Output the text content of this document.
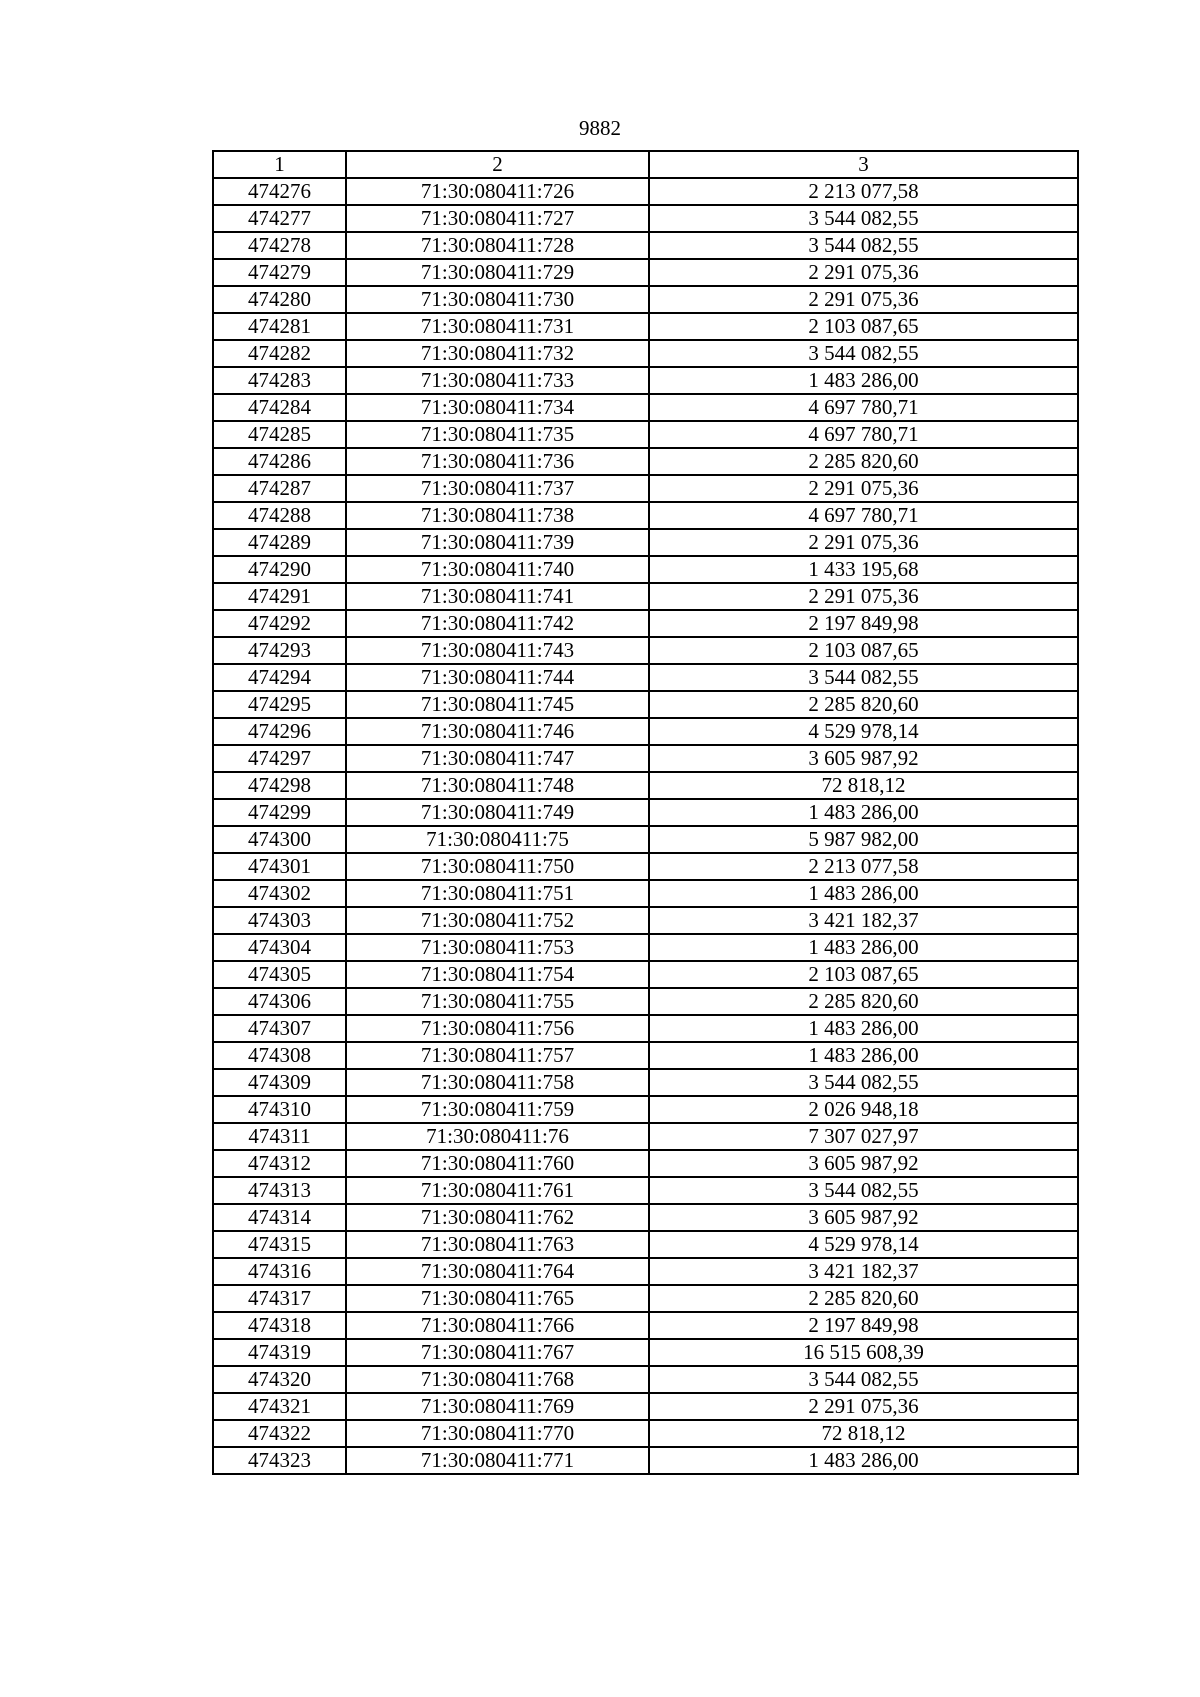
9882
1	2	3
474276	71:30:080411:726	2 213 077,58
474277	71:30:080411:727	3 544 082,55
474278	71:30:080411:728	3 544 082,55
474279	71:30:080411:729	2 291 075,36
474280	71:30:080411:730	2 291 075,36
474281	71:30:080411:731	2 103 087,65
474282	71:30:080411:732	3 544 082,55
474283	71:30:080411:733	1 483 286,00
474284	71:30:080411:734	4 697 780,71
474285	71:30:080411:735	4 697 780,71
474286	71:30:080411:736	2 285 820,60
474287	71:30:080411:737	2 291 075,36
474288	71:30:080411:738	4 697 780,71
474289	71:30:080411:739	2 291 075,36
474290	71:30:080411:740	1 433 195,68
474291	71:30:080411:741	2 291 075,36
474292	71:30:080411:742	2 197 849,98
474293	71:30:080411:743	2 103 087,65
474294	71:30:080411:744	3 544 082,55
474295	71:30:080411:745	2 285 820,60
474296	71:30:080411:746	4 529 978,14
474297	71:30:080411:747	3 605 987,92
474298	71:30:080411:748	72 818,12
474299	71:30:080411:749	1 483 286,00
474300	71:30:080411:75	5 987 982,00
474301	71:30:080411:750	2 213 077,58
474302	71:30:080411:751	1 483 286,00
474303	71:30:080411:752	3 421 182,37
474304	71:30:080411:753	1 483 286,00
474305	71:30:080411:754	2 103 087,65
474306	71:30:080411:755	2 285 820,60
474307	71:30:080411:756	1 483 286,00
474308	71:30:080411:757	1 483 286,00
474309	71:30:080411:758	3 544 082,55
474310	71:30:080411:759	2 026 948,18
474311	71:30:080411:76	7 307 027,97
474312	71:30:080411:760	3 605 987,92
474313	71:30:080411:761	3 544 082,55
474314	71:30:080411:762	3 605 987,92
474315	71:30:080411:763	4 529 978,14
474316	71:30:080411:764	3 421 182,37
474317	71:30:080411:765	2 285 820,60
474318	71:30:080411:766	2 197 849,98
474319	71:30:080411:767	16 515 608,39
474320	71:30:080411:768	3 544 082,55
474321	71:30:080411:769	2 291 075,36
474322	71:30:080411:770	72 818,12
474323	71:30:080411:771	1 483 286,00
